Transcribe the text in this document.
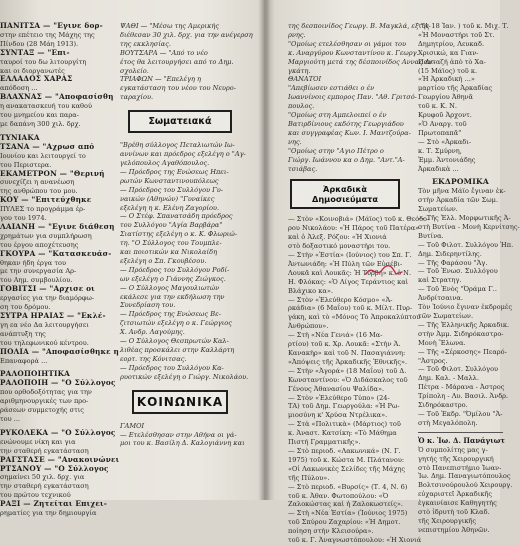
ΠΑΝΙΤΣΑ — "Εγινε δορ-
στην επέτειο της Μάχης της
Πίνδου (28 Μάη 1913).
ΣΥΝΤΑΞ — "Επι-
ταυροί του δω λιτουργίτη
και οι διοργανωτές
ΕΛΛΑΔΟΣ ΧΑΡΑΣ
απόδοση ...
ΒΛΑΧΝΑΣ — "Αποφασίσθη
η ανακατασκευή του καθού
του μνημείου και παρα-
με δαπάνη 300 χιλ. δρχ.
ΤΥΝΙΑΚΑ
ΤΣΑΝΑ — "Αχρωσ από
Ιουνίου και λειτουργεί το
του Περιστερα.
ΕΚΑΜΕΤΡΟΝ — "Θερινή
συνεχίζει η ανανέωση
της ανθρώπου του μου.
ΚΟΥ — "Επιτεύχθηκε
ΠΥΛΕΣ το προγράμμα έρ-
γου του 1974.
ΛΑΙΑΝΗ — "Εγινε διάθεση
χρημάτων για συμπλήρωση
του έργου αποχέτευσης
ΓΚΟΥΡΑ — "Κατασκευάσ-
θηκαν ήδη έργα του
με την συνεργασία Αρ-
του Αημ. συμβουλίου.
ΓΟΒΙΤΣΙ — "Αρχισε οι
εργασίες για την διαμόρφω-
ση του δρόμου.
ΣΥΤΡΑ ΗΡΑΙΑΣ — "Εκλέ-
γη εα νέο Δα λειτουργήσει
ανάπτυξη της
του τηλεφωνικού κέντρου.
ΠΟΛΙΑ — "Αποφασίσθηκε η
Επαναφορά ...
ΡΑΛΟΠΟΙΗΤΙΚΑ
ΡΑΛΟΠΟΙΗ — "Ο Σύλλογος
που ορθοδοξότητας για την
αριθμηνουργικές των προ-
ράσεων συμμετοχής στις
του ...
ΡΥΚΟΛΕΚΑ — "Ο Σύλλογος
ενώνουμε νίκη και για
την σταθερή εγκατάσταση
ΡΑΓΣΤΑΣΕ — "Ανακοινώνει
ΡΤΣΑΝΟΥ — "Ο Σύλλογος
σημαίνει 50 χιλ. δρχ. για
την σταθερή εγκατάσταση
του πρώτου τεχνικού
ΡΑΞΙ — Ζητείται Επιχει-
ρηματίες για την δημιουργία
ΨΑΘΙ — "Μέσω της Αμερικής
διέθεσαν 30 χιλ. δρχ. για την ανέγερση
της εκκλησίας.
ΒΟΥΤΣΑΡΑ — "Από το νέο
έτος θα λειτουργήσει από το Δημ.
σχολείο.
ΤΡΙΑΦΩΝ — "Επελέγη η
εγκατάσταση του νέου του Νευρο-
ταραχίου.
Σωματειακά
"Βρέθη σύλλογος Πεταλιωτών Ιω-
αννίνων και πρόεδρος εξελέγη ο "Αγ-
γελόπουλος Αγαθόπουλος.
— Πρόεδρος της Ενώσεως Ηπει-
ρωτών Κωνσταντινουπόλεως
— Πρόεδρος του Συλλόγου Γυ-
ναικών (Αθηνών) "Γυναίκες
εξελέγη η κ. Ελένη Ζαγορίου.
— Ο Στέφ. Σπανατσάδη πρόεδρος
του Συλλόγου "Αγία Βαρβάρα"
Σιατίστης εξελέγη ο κ. Κ. Φλωριώ-
τη. "Ο Σύλλογος του Τουμπλε-
και ποιοτικών κα Νικολαίδη
εξελέγη ο Σπ. Γκουβέσου.
— Πρόεδρος του Συλλόγου Ροδί-
ων εξελέγη ο Γιάννης Ζιώγκος.
— Ο Σύλλογος Μαγουλιωτών
εκάλεσε για την εκδήλωση την
Συνεδρίαση του.
— Πρόεδρος της Ενώσεως Βε-
ζιτσιωτών εξελέγη ο κ. Γεώργιος
Χ. Ανδρ. Λαγούμης.
— Ο Σύλλογος Θεσπρωτών Καλ-
λιθέας προσκάλει στην Καλλάρτη
εορτ. της Κόνιτσας.
— Πρόεδρος του Συλλόγου Κα-
ρυοτικών εξελέγη ο Γιώργ. Νικολάου.
ΚΟΙΝΩΝΙΚΑ
ΓΑΜΟΙ
— Ετελέσθησαν στην Αθήνα οι γά-
μοι του κ. Βασίλη Δ. Καλογιάννη και
της δεσποινίδος Γεωργ. Β. Μαγκλά, εξ "Α-
ρνης.
"Ομοίως ετελέσθησαν οι γάμοι του
κ. Αναργύρου Κωνσταντίνου κ. Γεωργ.
Μαργιούτη μετά της δέσποινίδος Αννας Λε-
γκάτη.
ΘΑΝΑΤΟΙ
"Απεβίωσεν εστιάθει ο έν
Ιωαννίνοις εμπορος Παν. "Αθ. Γριτσό-
πουλος.
"Ομοίως στη Αμπελοιπεί ο έν
Βατιρδίνιους εκδότης Γεωργιάδου
και συγγραφέας Κων. Ι. Μαντζούρα-
νης.
"Ομοίως στην "Αγιο Πέτρο ο
Γιώργ. Ιωάννου κα ο Δημ. "Αντ."Α-
τσιάβας.
Ἀρκαδικὰ Δημοσιεύματα
— Στὸν «Κοινοβιά» (Μάϊος) τοῦ κ. Θεόδο-
ρου Νικολάου: «Ἡ Πάρος τοῦ Πατέρα»
καὶ ὁ Ἀλεξ. Ρόζου: «Ἡ Χιονιά
στὸ δοξαστικό μοναστήρι του.
— Στὴν «Ἐστία» (Ιούνιος) του Σπ. Γ.
Ἀντωνιάδη: «Ἡ Πύλη τῶν Εὐσέβι-
Λουκᾶ καὶ Λουκᾶς: Ἡ Τύρβη» κ. ὁ Ν.
Η. Φλόκας: «Ὁ Λίγος Τεράντιος καὶ
Βλάχικο κα».
— Στὸν «Ἐλεύθερο Κόσμο» «Ἀ-
ρκάδια» (6 Μαΐου) τοῦ κ. Μίλτ. Πυρ-
γάκη, καὶ τὸ «Μόνος Τὸ Ἀπροκαλύπτου
Ἀνθρώπου».
— Στὴ «Νέα Γενιά» (16 Μα-
ρτίου) τοῦ κ. Χρ. Λουκᾶ: «Στὴν Ἀ.
Κανακὴρ» καὶ τοῦ Ν. Πασαγιάννη:
«Ἀπόψεις τῆς Ἀρκαδικῆς Ἐθνικῆς».
— Στὴν «Ἀγορά» (18 Μαΐου) τοῦ Δ.
Κωνσταντίνου: «Ὁ Διδάσκαλος τοῦ
Γένους Ἀθανασίου Ψαλίδα».
— Στὸν «Ἐλεύθερο Τύπο» (24-
ΤΑ) τοῦ Δημ. Γεωργούλα: «Ἡ Ρω-
μιοσύνη κ' Χρύσα Ντρέλικα».
— Στὰ «Πολιτικὰ» (Μάρτιος) τοῦ
κ. Ἀναστ. Κατσίκη: «Τὸ Μάθημα
Πιστή Γραμματικῆς».
— Στὸ περιοδ. «Λακωνικά» (Ν. Γ.
1975) τοῦ κ. Κώστα Μ. Πλάτανου:
«Οἱ Λακωνικὲς Σελίδες τῆς Μάχης
τῆς Πύλου».
— Στὸ περιοδ. «Βυρσίς» (Τ. 4, Ν. 6)
τοῦ κ. Ἀθαν. Φωτοπούλου: «Ὁ
Ζαλοκώστας καὶ ἡ Ζαλοκωστείς».
— Στὴ «Νέα Ἑστία» (Ἰούνιος 1975)
τοῦ Σπύρου Ζαχαρίου: «Ἡ Δημοτ.
ποίηση στὴν Κλεισούρα».
τοῦ κ. Γ. Ἀναγνωστόπουλου: «Ἡ Χιονιά
τῆς 18 Ἰαν. ) τοῦ κ. Μιχ. Τ.
«Ἡ Μοναστήρι τοῦ Στ.
Δημητρίου, Λευκαδ.
Χρισικώ, κα Γιαν-
Πανταζή ἀπὸ τὸ Χα-
(15 Μάϊος) τοῦ κ.
«Ἡ Ἀρκαδικὴ ...»
μαρτίου τῆς Ἀρκαδίας
Γεωργίου Ἀθηνᾶ
τοῦ κ. Κ. Ν.
Κρυφοῦ Ἀρχοντ.
«Ὁ Αναργ. τοῦ
Πρωτοπαπᾶ"
— Στὸ «Ἀρκαδι-
κ. Τ. Σμύρνη,
Ἐμμ. Ἀντονιάδης
Ἀρκαδικὰ ...
ΕΚΔΡΟΜΙΚΑ
Τὸν μῆνα Μάϊο ἔγιναν ἐκ-
στὴν Ἀρκαδία τῶν Σωμ.
Σωματείων.
— Τῆς Ἑλλ. Μορφωτικῆς Ἀ-
στὴ Βυτίνα - Μονὴ Κερνίτσης-
Βυτίνα.
— Τοῦ Φιλοτ. Συλλόγου Ἠπ.
Δημ. Σιδερηντίλης.
— Τῆς Φαράσου "Ἀγ.
— Τοῦ Ἐνωσ. Συλλόγου
καὶ Στρατηγ.
— Τοῦ Ἐνὸς "Ὀράμα Γ..
Ἀνδρίτσαινα.
Τὸν Ἰούνιο ἔγιναν ἐκδρομές
τῶν Σωματείων.
— Τῆς Ἑλληνικῆς Ἀρκαδικ.
στὴν Ἀμμ. Σιδηρόκαστρο-
Μονὴ Ἕλωνα.
— Τῆς «Σέρκοσης» Πεαρό-
"Ἀστρος.
— Τοῦ Φιλοτ. Συλλόγου
Δημ. Καλ. - Μαλλ.
Πέτρα - Μάρανα - Ἀστρος
Τρίπολη - Λυ. Βασιλ. Ἀνδρ.
Σιδηρόκαστρο.
— Τοῦ Ἐκδρ. "Ὀμίλου "Ἀ-
στὴ Μεγαλόπολη.
Ὁ κ. Ἰω. Δ. Πανάγιωτ
Ὁ συμπολίτης μας γ-
γητής τῆς Χειρουργική
στὸ Πανεπιστήμιο Ἰωαν-
Ἰω. Δημ. Παναγιωτόπουλος
Βολτσινούρουλού Χειρουργ.
εὐχαριστεῖ Ἀρκαδικῆς
ἐγκαινίαισε Καθηγητής
στὸ ἱδρυτὴ τοῦ Κλαδ.
τῆς Χειρουργικῆς
νεπιστημίου Ἀθηνῶν.
